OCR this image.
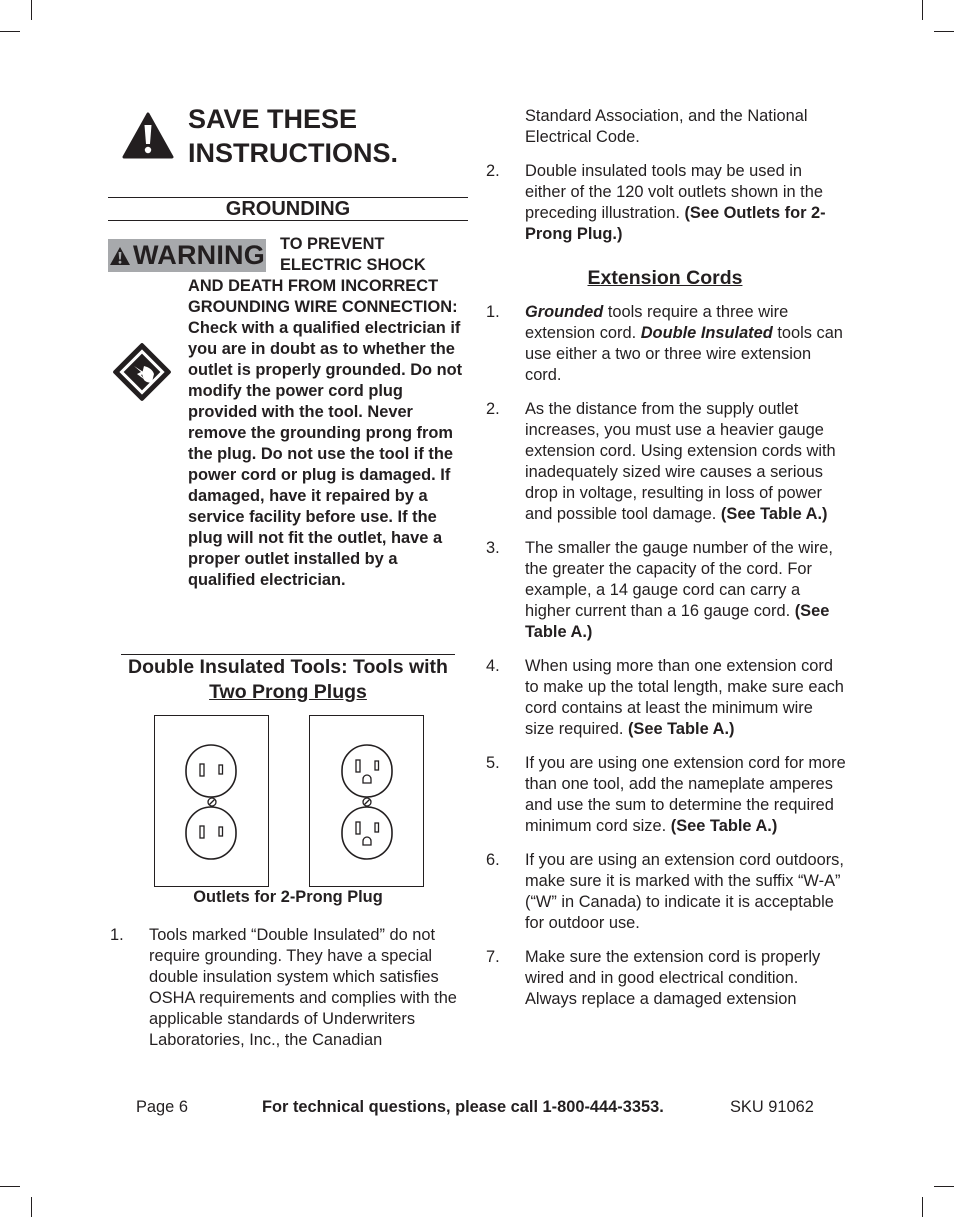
SAVE THESE
INSTRUCTIONS.
GROUNDING
WARNING TO PREVENT ELECTRIC SHOCK
AND DEATH FROM INCORRECT GROUNDING WIRE CONNECTION:
Check with a qualified electrician if you are in doubt as to whether the outlet is properly grounded. Do not modify the power cord plug provided with the tool. Never remove the grounding prong from the plug. Do not use the tool if the power cord or plug is damaged. If damaged, have it repaired by a service facility before use. If the plug will not fit the outlet, have a proper outlet installed by a qualified electrician.
Double Insulated Tools: Tools with
Two Prong Plugs
Outlets for 2-Prong Plug
1. Tools marked “Double Insulated” do not require grounding. They have a special double insulation system which satisfies OSHA requirements and complies with the applicable standards of Underwriters Laboratories, Inc., the Canadian
Standard Association, and the National Electrical Code.
2. Double insulated tools may be used in either of the 120 volt outlets shown in the preceding illustration. (See Outlets for 2-Prong Plug.)
Extension Cords
1. Grounded tools require a three wire extension cord. Double Insulated tools can use either a two or three wire extension cord.
2. As the distance from the supply outlet increases, you must use a heavier gauge extension cord. Using extension cords with inadequately sized wire causes a serious drop in voltage, resulting in loss of power and possible tool damage. (See Table A.)
3. The smaller the gauge number of the wire, the greater the capacity of the cord. For example, a 14 gauge cord can carry a higher current than a 16 gauge cord. (See Table A.)
4. When using more than one extension cord to make up the total length, make sure each cord contains at least the minimum wire size required. (See Table A.)
5. If you are using one extension cord for more than one tool, add the nameplate amperes and use the sum to determine the required minimum cord size. (See Table A.)
6. If you are using an extension cord outdoors, make sure it is marked with the suffix “W-A” (“W” in Canada) to indicate it is acceptable for outdoor use.
7. Make sure the extension cord is properly wired and in good electrical condition. Always replace a damaged extension
Page 6	For technical questions, please call 1-800-444-3353.	SKU 91062
